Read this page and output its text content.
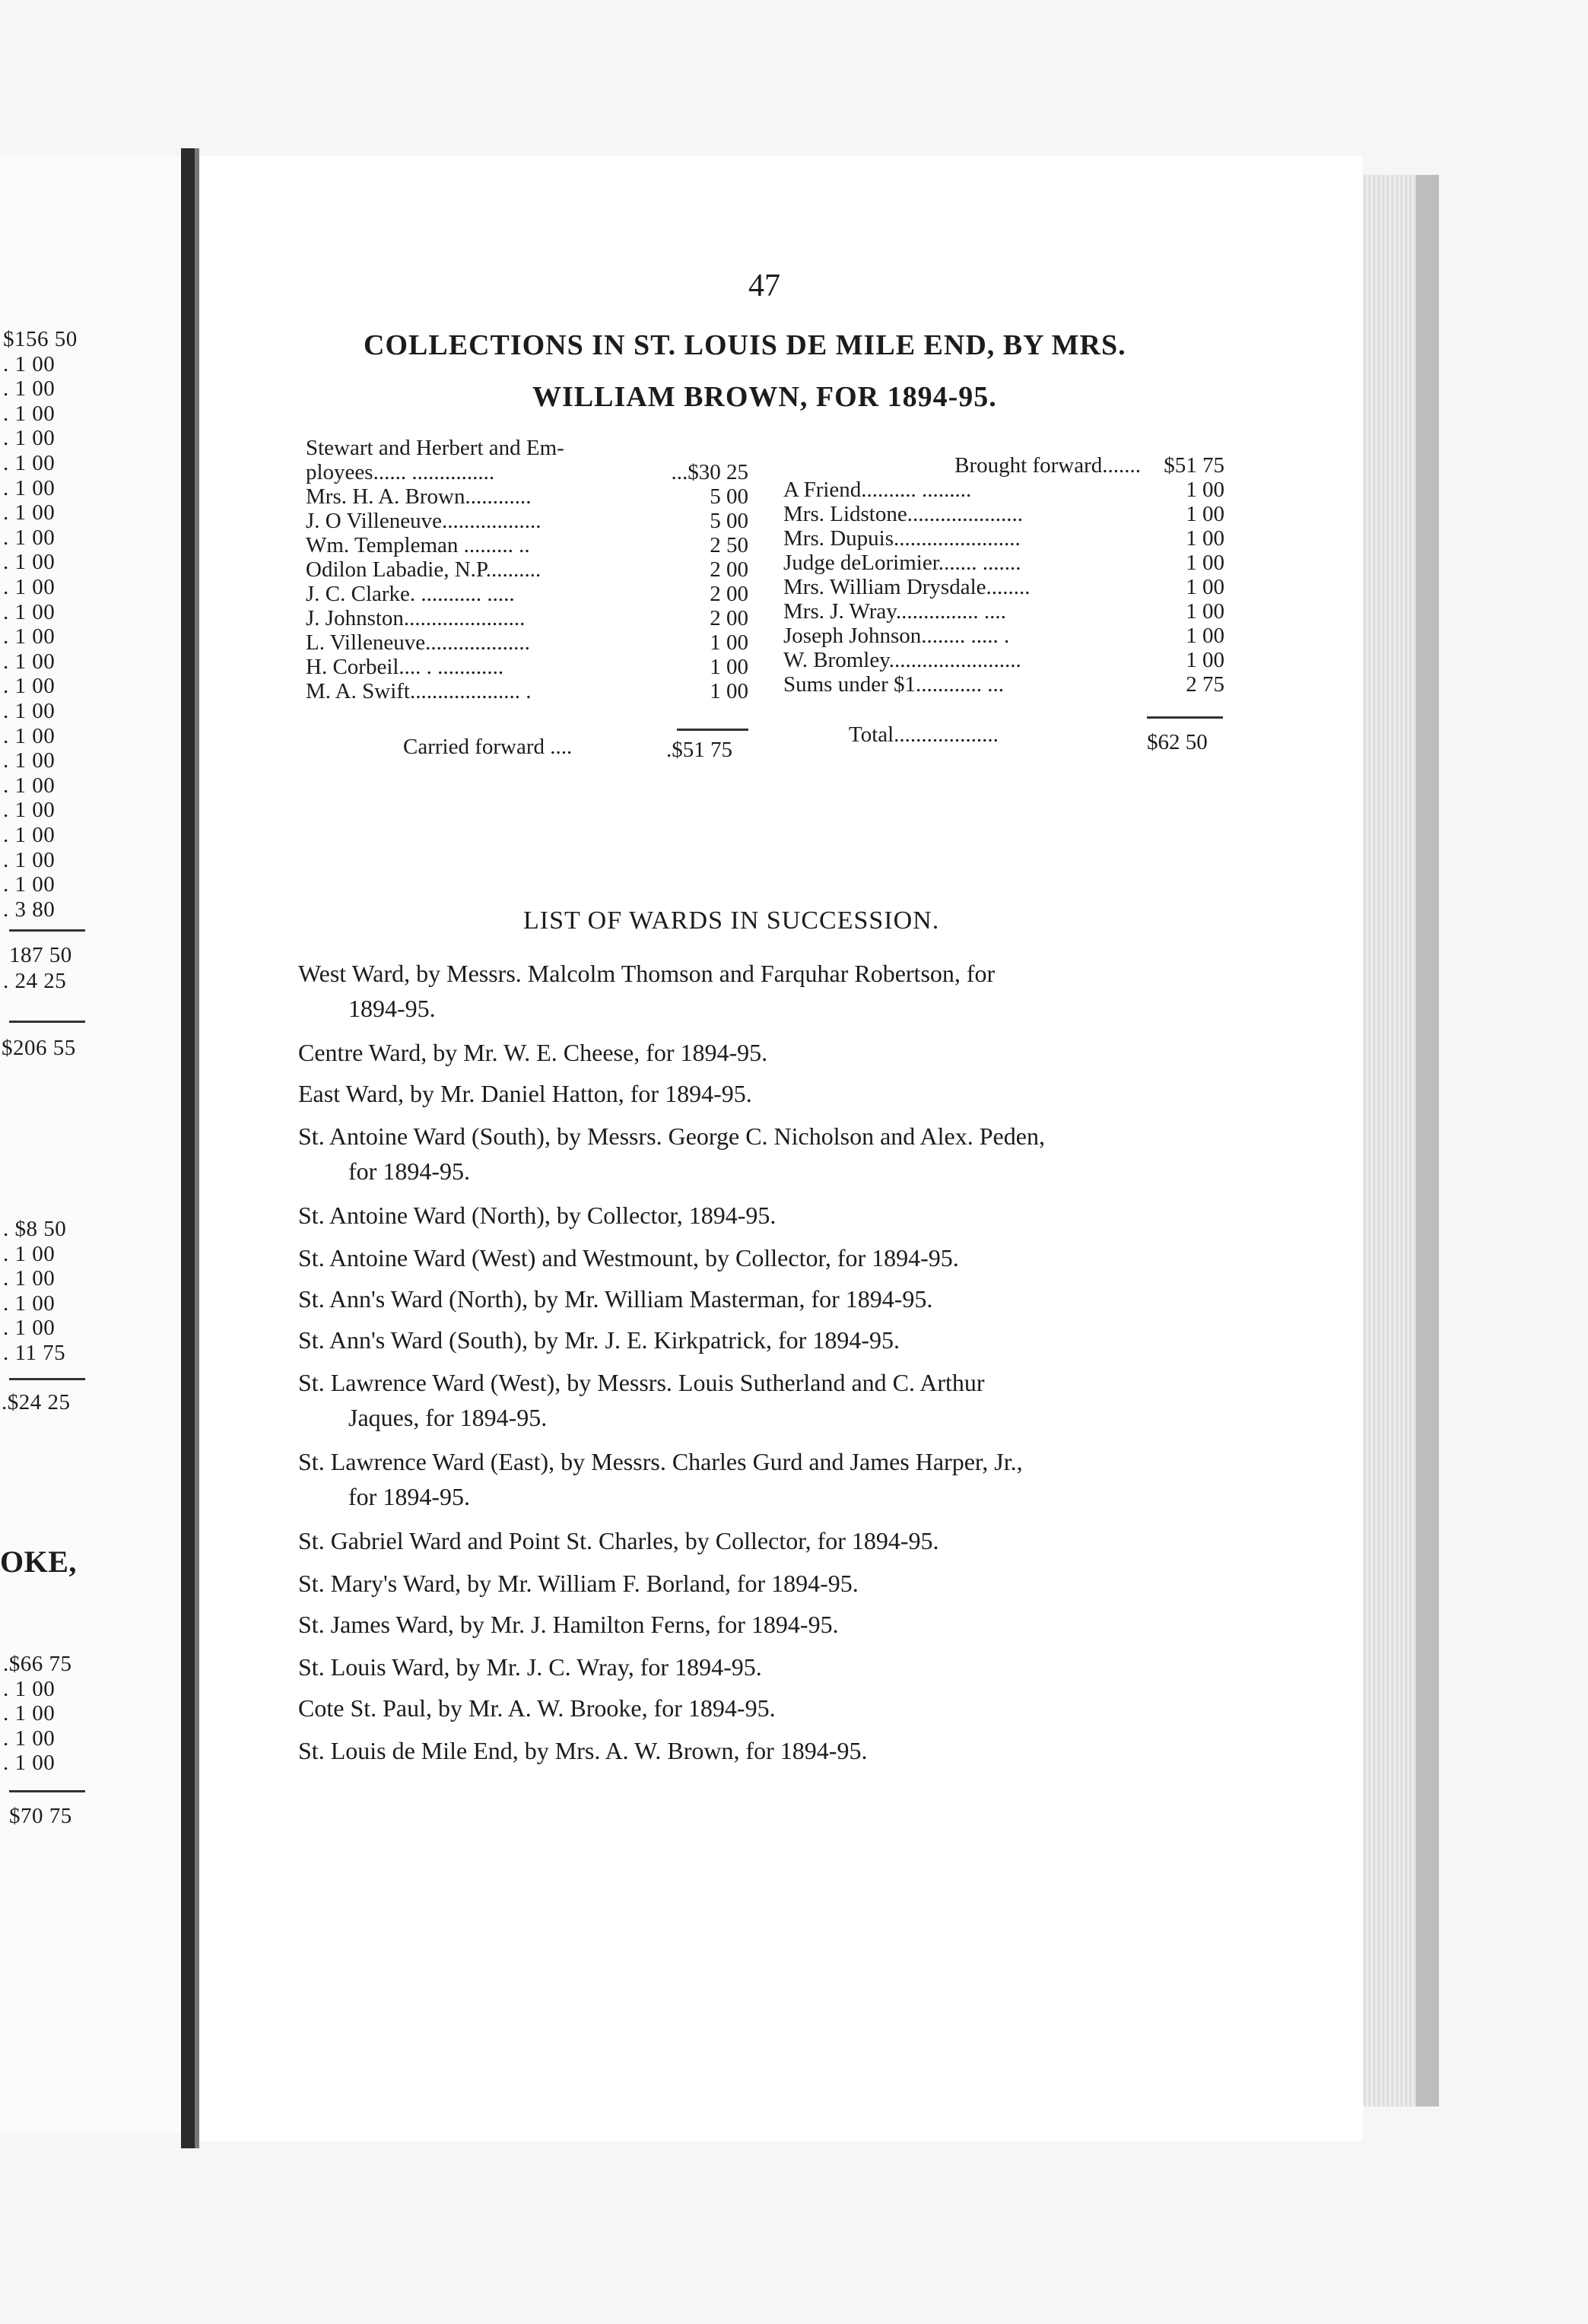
$156 50
. 1 00
. 1 00
. 1 00
. 1 00
. 1 00
. 1 00
. 1 00
. 1 00
. 1 00
. 1 00
. 1 00
. 1 00
. 1 00
. 1 00
. 1 00
. 1 00
. 1 00
. 1 00
. 1 00
. 1 00
. 1 00
. 1 00
. 3 80
187 50
. 24 25
$206 55
. $8 50
. 1 00
. 1 00
. 1 00
. 1 00
. 11 75
.$24 25
OKE,
.$66 75
. 1 00
. 1 00
. 1 00
. 1 00
$70 75
47
COLLECTIONS IN ST. LOUIS DE MILE END, BY MRS.
WILLIAM BROWN, FOR 1894-95.
Stewart and Herbert and Em-
ployees...... ...............	...$30 25
Mrs. H. A. Brown............	5 00
J. O Villeneuve..................	5 00
Wm. Templeman ......... ..	2 50
Odilon Labadie, N.P..........	2 00
J. C. Clarke. ........... .....	2 00
J. Johnston......................	2 00
L. Villeneuve...................	1 00
H. Corbeil.... . ............	1 00
M. A. Swift.................... .	1 00
Carried forward ....	.$51 75
Brought forward....... $51 75
A Friend.......... .........	1 00
Mrs. Lidstone.....................	1 00
Mrs. Dupuis.......................	1 00
Judge deLorimier....... .......	1 00
Mrs. William Drysdale........	1 00
Mrs. J. Wray............... ....	1 00
Joseph Johnson........ ..... .	1 00
W. Bromley........................	1 00
Sums under $1............ ...	2 75
Total...................	$62 50
LIST OF WARDS IN SUCCESSION.
West Ward, by Messrs. Malcolm Thomson and Farquhar Robertson, for
1894-95.
Centre Ward, by Mr. W. E. Cheese, for 1894-95.
East Ward, by Mr. Daniel Hatton, for 1894-95.
St. Antoine Ward (South), by Messrs. George C. Nicholson and Alex. Peden,
for 1894-95.
St. Antoine Ward (North), by Collector, 1894-95.
St. Antoine Ward (West) and Westmount, by Collector, for 1894-95.
St. Ann's Ward (North), by Mr. William Masterman, for 1894-95.
St. Ann's Ward (South), by Mr. J. E. Kirkpatrick, for 1894-95.
St. Lawrence Ward (West), by Messrs. Louis Sutherland and C. Arthur
Jaques, for 1894-95.
St. Lawrence Ward (East), by Messrs. Charles Gurd and James Harper, Jr.,
for 1894-95.
St. Gabriel Ward and Point St. Charles, by Collector, for 1894-95.
St. Mary's Ward, by Mr. William F. Borland, for 1894-95.
St. James Ward, by Mr. J. Hamilton Ferns, for 1894-95.
St. Louis Ward, by Mr. J. C. Wray, for 1894-95.
Cote St. Paul, by Mr. A. W. Brooke, for 1894-95.
St. Louis de Mile End, by Mrs. A. W. Brown, for 1894-95.
